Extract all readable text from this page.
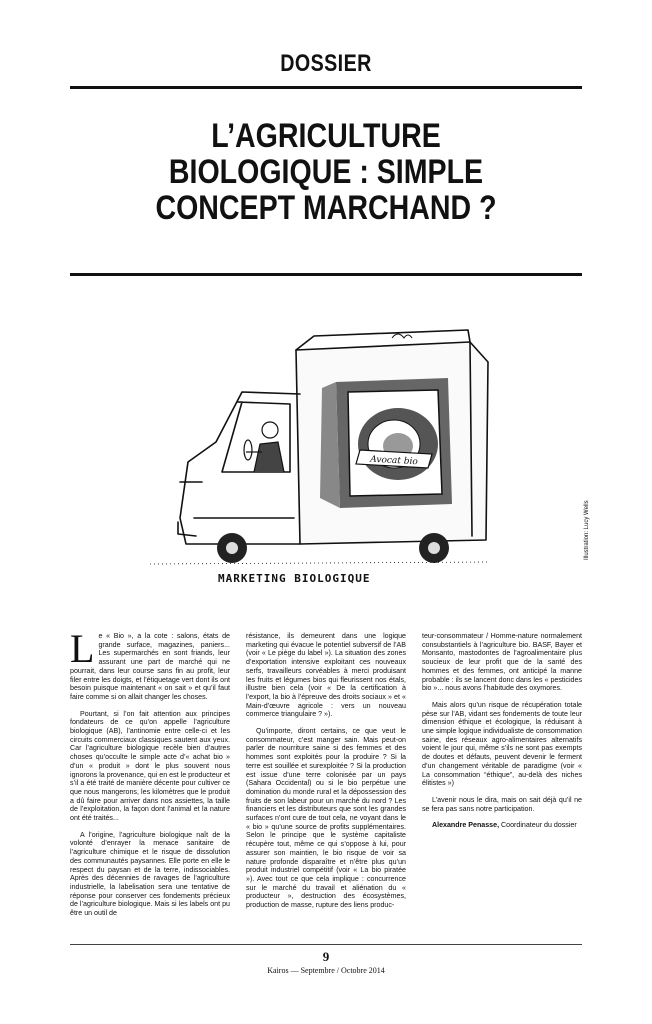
DOSSIER
L’AGRICULTURE
BIOLOGIQUE : SIMPLE
CONCEPT MARCHAND ?
Avocat bio
MARKETING BIOLOGIQUE
Illustration: Lucy Wells

Le « Bio », a la cote : salons, états de grande surface, magazines, paniers... Les supermarchés en sont friands, leur assurant une part de marché qui ne pourrait, dans leur course sans fin au profit, leur filer entre les doigts, et l’étiquetage vert dont ils ont besoin puisque maintenant « on sait » et qu’il faut faire comme si on allait changer les choses.

Pourtant, si l’on fait attention aux principes fondateurs de ce qu’on appelle l’agriculture biologique (AB), l’antinomie entre celle-ci et les circuits commerciaux classiques sautent aux yeux. Car l’agriculture biologique recèle bien d’autres choses qu’occulte le simple acte d’« achat bio » d’un « produit » dont le plus souvent nous ignorons la provenance, qui en est le producteur et s’il a été traité de manière décente pour cultiver ce que nous mangerons, les kilomètres que le produit a dû faire pour arriver dans nos assiettes, la taille de l’exploitation, la façon dont l’animal et la nature ont été traités...

A l’origine, l’agriculture biologique naît de la volonté d’enrayer la menace sanitaire de l’agriculture chimique et le risque de dissolution des communautés paysannes. Elle porte en elle le respect du paysan et de la terre, indissociables. Après des décennies de ravages de l’agriculture industrielle, la labelisation sera une tentative de réponse pour conserver ces fondements précieux de l’agriculture biologique. Mais si les labels ont pu être un outil de

résistance, ils demeurent dans une logique marketing qui évacue le potentiel subversif de l’AB (voir « Le piège du label »). La situation des zones d’exportation intensive exploitant ces nouveaux serfs, travailleurs corvéables à merci produisant les fruits et légumes bios qui fleurissent nos étals, illustre bien cela (voir « De la certification à l’export, la bio à l’épreuve des droits sociaux » et « Main-d’œuvre agricole : vers un nouveau commerce triangulaire ? »).

Qu’importe, diront certains, ce que veut le consommateur, c’est manger sain. Mais peut-on parler de nourriture saine si des femmes et des hommes sont exploités pour la produire ? Si la terre est souillée et surexploitée ? Si la production est issue d’une terre colonisée par un pays (Sahara Occidental) ou si le bio perpétue une domination du monde rural et la dépossession des fruits de son labeur pour un marché du nord ? Les financiers et les distributeurs que sont les grandes surfaces n’ont cure de tout cela, ne voyant dans le « bio » qu’une source de profits supplémentaires. Selon le principe que le système capitaliste récupère tout, même ce qui s’oppose à lui, pour assurer son maintien, le bio risque de voir sa nature profonde disparaître et n’être plus qu’un produit industriel compétitif (voir « La bio piratée »). Avec tout ce que cela implique : concurrence sur le marché du travail et aliénation du « producteur », destruction des écosystèmes, production de masse, rupture des liens produc-

teur-consommateur / Homme-nature normalement consubstantiels à l’agriculture bio. BASF, Bayer et Monsanto, mastodontes de l’agroalimentaire plus soucieux de leur profit que de la santé des hommes et des femmes, ont anticipé la manne probable : ils se lancent donc dans les « pesticides bio »... nous avons l’habitude des oxymores.

Mais alors qu’un risque de récupération totale pèse sur l’AB, vidant ses fondements de toute leur dimension éthique et écologique, la réduisant à une simple logique individualiste de consommation saine, des réseaux agro-alimentaires alternatifs voient le jour qui, même s’ils ne sont pas exempts de doutes et défauts, peuvent devenir le ferment d’un changement véritable de paradigme (voir « La consommation “éthique”, au-delà des niches élitistes »)

L’avenir nous le dira, mais on sait déjà qu’il ne se fera pas sans notre participation.

Alexandre Penasse, Coordinateur du dossier

9
Kairos — Septembre / Octobre 2014
